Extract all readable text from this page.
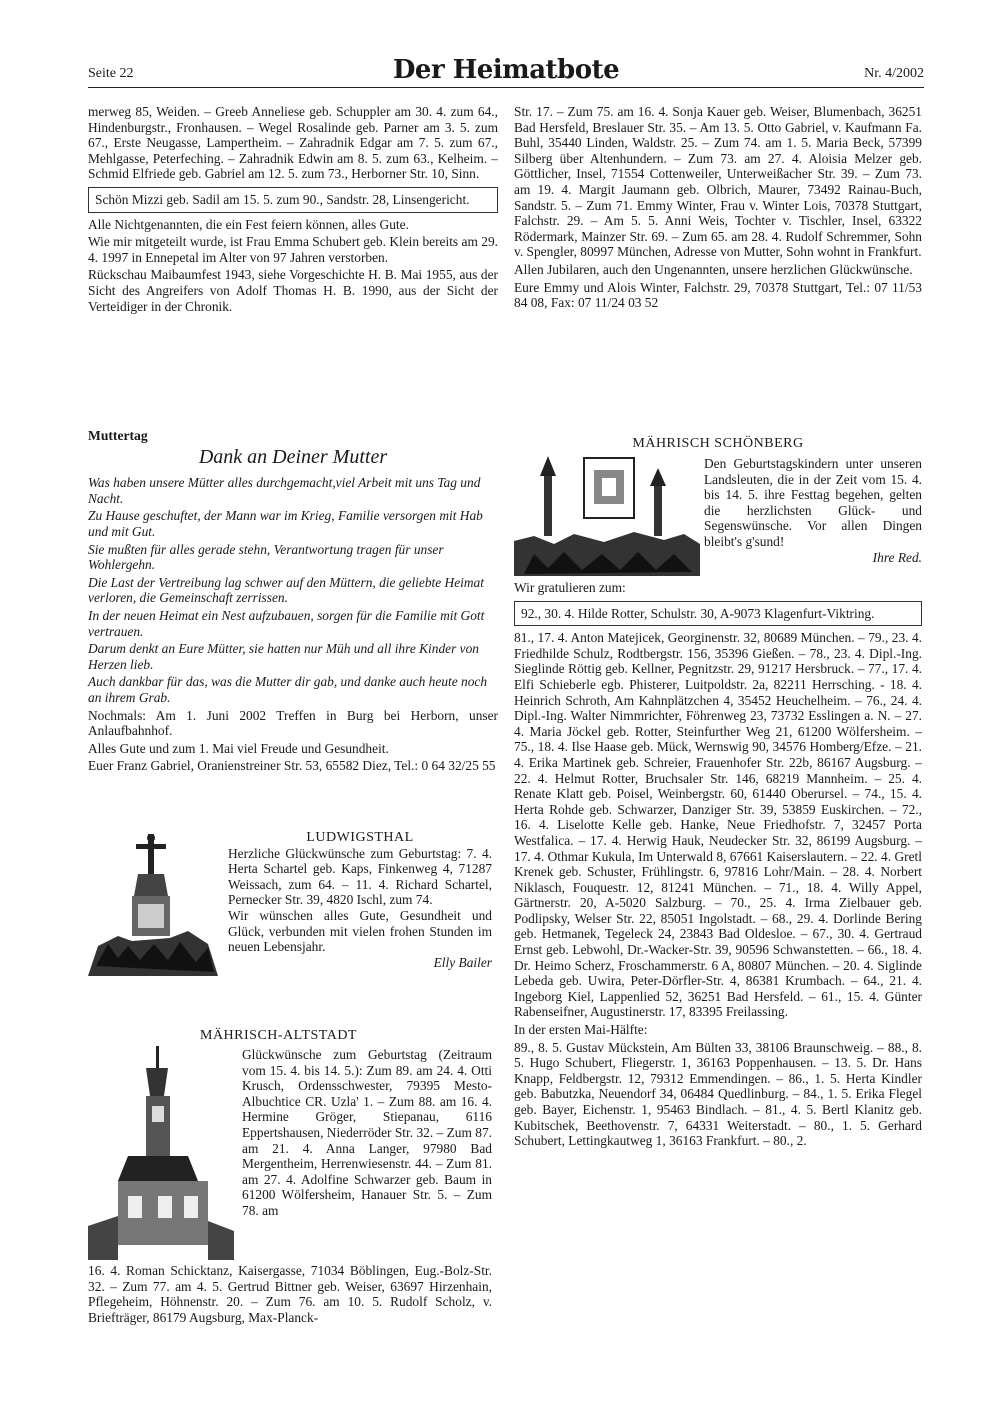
Seite 22	Der Heimatbote	Nr. 4/2002

merweg 85, Weiden. – Greeb Anneliese geb. Schuppler am 30. 4. zum 64., Hindenburgstr., Fronhausen. – Wegel Rosalinde geb. Parner am 3. 5. zum 67., Erste Neugasse, Lampertheim. – Zahradnik Edgar am 7. 5. zum 67., Mehlgasse, Peterfeching. – Zahradnik Edwin am 8. 5. zum 63., Kelheim. – Schmid Elfriede geb. Gabriel am 12. 5. zum 73., Herborner Str. 10, Sinn.

Schön Mizzi geb. Sadil am 15. 5. zum 90., Sandstr. 28, Linsengericht.

Alle Nichtgenannten, die ein Fest feiern können, alles Gute.

Wie mir mitgeteilt wurde, ist Frau Emma Schubert geb. Klein bereits am 29. 4. 1997 in Ennepetal im Alter von 97 Jahren verstorben.

Rückschau Maibaumfest 1943, siehe Vorgeschichte H. B. Mai 1955, aus der Sicht des Angreifers von Adolf Thomas H. B. 1990, aus der Sicht der Verteidiger in der Chronik.

Muttertag
Dank an Deiner Mutter

Was haben unsere Mütter alles durchgemacht,viel Arbeit mit uns Tag und Nacht.

Zu Hause geschuftet, der Mann war im Krieg, Familie versorgen mit Hab und mit Gut.

Sie mußten für alles gerade stehn, Verantwortung tragen für unser Wohlergehn.

Die Last der Vertreibung lag schwer auf den Müttern, die geliebte Heimat verloren, die Gemeinschaft zerrissen.

In der neuen Heimat ein Nest aufzubauen, sorgen für die Familie mit Gott vertrauen.

Darum denkt an Eure Mütter, sie hatten nur Müh und all ihre Kinder von Herzen lieb.

Auch dankbar für das, was die Mutter dir gab, und danke auch heute noch an ihrem Grab.

Nochmals: Am 1. Juni 2002 Treffen in Burg bei Herborn, unser Anlaufbahnhof.

Alles Gute und zum 1. Mai viel Freude und Gesundheit.

Euer Franz Gabriel, Oranienstreiner Str. 53, 65582 Diez, Tel.: 0 64 32/25 55

LUDWIGSTHAL

Herzliche Glückwünsche zum Geburtstag: 7. 4. Herta Schartel geb. Kaps, Finkenweg 4, 71287 Weissach, zum 64. – 11. 4. Richard Schartel, Pernecker Str. 39, 4820 Ischl, zum 74.

Wir wünschen alles Gute, Gesundheit und Glück, verbunden mit vielen frohen Stunden im neuen Lebensjahr.

Elly Bailer

MÄHRISCH-ALTSTADT

Glückwünsche zum Geburtstag (Zeitraum vom 15. 4. bis 14. 5.): Zum 89. am 24. 4. Otti Krusch, Ordensschwester, 79395 Mesto-Albuchtice CR. Uzla' 1. – Zum 88. am 16. 4. Hermine Gröger, Stiepanau, 6116 Eppertshausen, Niederröder Str. 32. – Zum 87. am 21. 4. Anna Langer, 97980 Bad Mergentheim, Herrenwiesenstr. 44. – Zum 81. am 27. 4. Adolfine Schwarzer geb. Baum in 61200 Wölfersheim, Hanauer Str. 5. – Zum 78. am

16. 4. Roman Schicktanz, Kaisergasse, 71034 Böblingen, Eug.-Bolz-Str. 32. – Zum 77. am 4. 5. Gertrud Bittner geb. Weiser, 63697 Hirzenhain, Pflegeheim, Höhnenstr. 20. – Zum 76. am 10. 5. Rudolf Scholz, v. Briefträger, 86179 Augsburg, Max-Planck-

Str. 17. – Zum 75. am 16. 4. Sonja Kauer geb. Weiser, Blumenbach, 36251 Bad Hersfeld, Breslauer Str. 35. – Am 13. 5. Otto Gabriel, v. Kaufmann Fa. Buhl, 35440 Linden, Waldstr. 25. – Zum 74. am 1. 5. Maria Beck, 57399 Silberg über Altenhundern. – Zum 73. am 27. 4. Aloisia Melzer geb. Göttlicher, Insel, 71554 Cottenweiler, Unterweißacher Str. 39. – Zum 73. am 19. 4. Margit Jaumann geb. Olbrich, Maurer, 73492 Rainau-Buch, Sandstr. 5. – Zum 71. Emmy Winter, Frau v. Winter Lois, 70378 Stuttgart, Falchstr. 29. – Am 5. 5. Anni Weis, Tochter v. Tischler, Insel, 63322 Rödermark, Mainzer Str. 69. – Zum 65. am 28. 4. Rudolf Schremmer, Sohn v. Spengler, 80997 München, Adresse von Mutter, Sohn wohnt in Frankfurt.

Allen Jubilaren, auch den Ungenannten, unsere herzlichen Glückwünsche.

Eure Emmy und Alois Winter, Falchstr. 29, 70378 Stuttgart, Tel.: 07 11/53 84 08, Fax: 07 11/24 03 52

MÄHRISCH SCHÖNBERG

Den Geburtstagskindern unter unseren Landsleuten, die in der Zeit vom 15. 4. bis 14. 5. ihre Festtag begehen, gelten die herzlichsten Glück- und Segenswünsche. Vor allen Dingen bleibt's g'sund!

Ihre Red.

Wir gratulieren zum:

92., 30. 4. Hilde Rotter, Schulstr. 30, A-9073 Klagenfurt-Viktring.

81., 17. 4. Anton Matejicek, Georginenstr. 32, 80689 München. – 79., 23. 4. Friedhilde Schulz, Rodtbergstr. 156, 35396 Gießen. – 78., 23. 4. Dipl.-Ing. Sieglinde Röttig geb. Kellner, Pegnitzstr. 29, 91217 Hersbruck. – 77., 17. 4. Elfi Schieberle egb. Phisterer, Luitpoldstr. 2a, 82211 Herrsching. - 18. 4. Heinrich Schroth, Am Kahnplätzchen 4, 35452 Heuchelheim. – 76., 24. 4. Dipl.-Ing. Walter Nimmrichter, Föhrenweg 23, 73732 Esslingen a. N. – 27. 4. Maria Jöckel geb. Rotter, Steinfurther Weg 21, 61200 Wölfersheim. – 75., 18. 4. Ilse Haase geb. Mück, Wernswig 90, 34576 Homberg/Efze. – 21. 4. Erika Martinek geb. Schreier, Frauenhofer Str. 22b, 86167 Augsburg. – 22. 4. Helmut Rotter, Bruchsaler Str. 146, 68219 Mannheim. – 25. 4. Renate Klatt geb. Poisel, Weinbergstr. 60, 61440 Oberursel. – 74., 15. 4. Herta Rohde geb. Schwarzer, Danziger Str. 39, 53859 Euskirchen. – 72., 16. 4. Liselotte Kelle geb. Hanke, Neue Friedhofstr. 7, 32457 Porta Westfalica. – 17. 4. Herwig Hauk, Neudecker Str. 32, 86199 Augsburg. – 17. 4. Othmar Kukula, Im Unterwald 8, 67661 Kaiserslautern. – 22. 4. Gretl Krenek geb. Schuster, Frühlingstr. 6, 97816 Lohr/Main. – 28. 4. Norbert Niklasch, Fouquestr. 12, 81241 München. – 71., 18. 4. Willy Appel, Gärtnerstr. 20, A-5020 Salzburg. – 70., 25. 4. Irma Zielbauer geb. Podlipsky, Welser Str. 22, 85051 Ingolstadt. – 68., 29. 4. Dorlinde Bering geb. Hetmanek, Tegeleck 24, 23843 Bad Oldesloe. – 67., 30. 4. Gertraud Ernst geb. Lebwohl, Dr.-Wacker-Str. 39, 90596 Schwanstetten. – 66., 18. 4. Dr. Heimo Scherz, Froschammerstr. 6 A, 80807 München. – 20. 4. Siglinde Lebeda geb. Uwira, Peter-Dörfler-Str. 4, 86381 Krumbach. – 64., 21. 4. Ingeborg Kiel, Lappenlied 52, 36251 Bad Hersfeld. – 61., 15. 4. Günter Rabenseifner, Augustinerstr. 17, 83395 Freilassing.

In der ersten Mai-Hälfte:

89., 8. 5. Gustav Mückstein, Am Bülten 33, 38106 Braunschweig. – 88., 8. 5. Hugo Schubert, Fliegerstr. 1, 36163 Poppenhausen. – 13. 5. Dr. Hans Knapp, Feldbergstr. 12, 79312 Emmendingen. – 86., 1. 5. Herta Kindler geb. Babutzka, Neuendorf 34, 06484 Quedlinburg. – 84., 1. 5. Erika Flegel geb. Bayer, Eichenstr. 1, 95463 Bindlach. – 81., 4. 5. Bertl Klanitz geb. Kubitschek, Beethovenstr. 7, 64331 Weiterstadt. – 80., 1. 5. Gerhard Schubert, Lettingkautweg 1, 36163 Frankfurt. – 80., 2.
